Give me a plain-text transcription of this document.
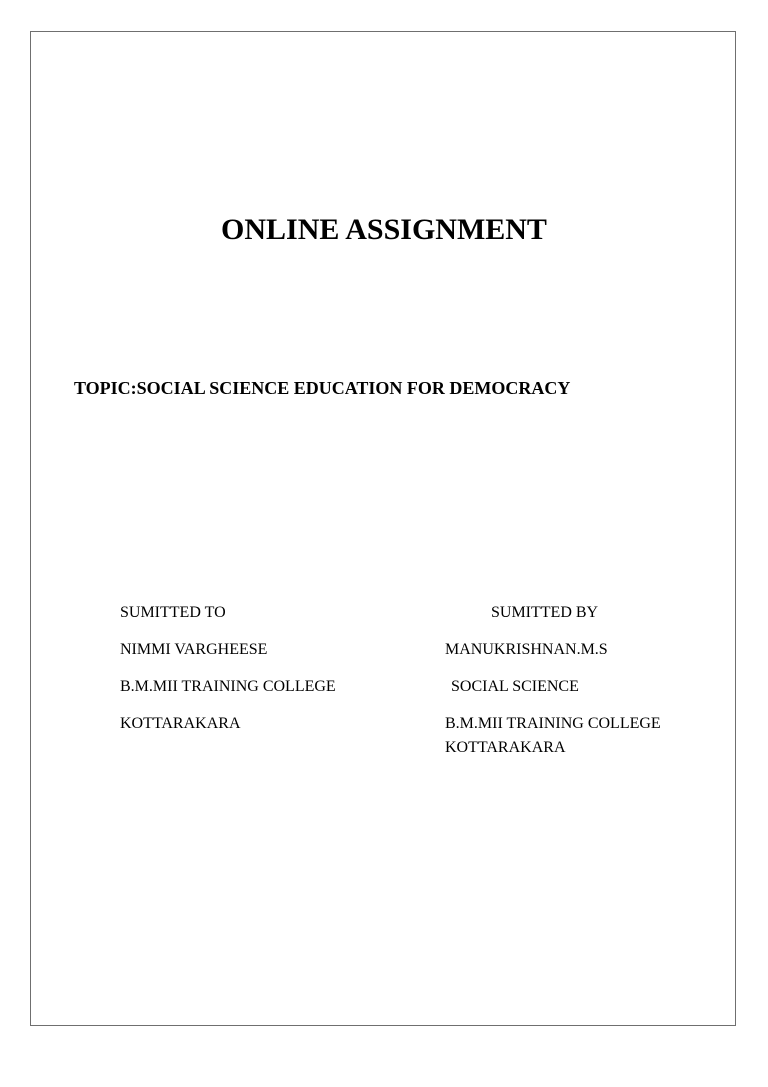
ONLINE ASSIGNMENT
TOPIC:SOCIAL SCIENCE EDUCATION FOR DEMOCRACY
SUMITTED TO
NIMMI VARGHEESE
B.M.MII TRAINING COLLEGE
KOTTARAKARA
SUMITTED BY
MANUKRISHNAN.M.S
SOCIAL SCIENCE
B.M.MII TRAINING COLLEGE
KOTTARAKARA
